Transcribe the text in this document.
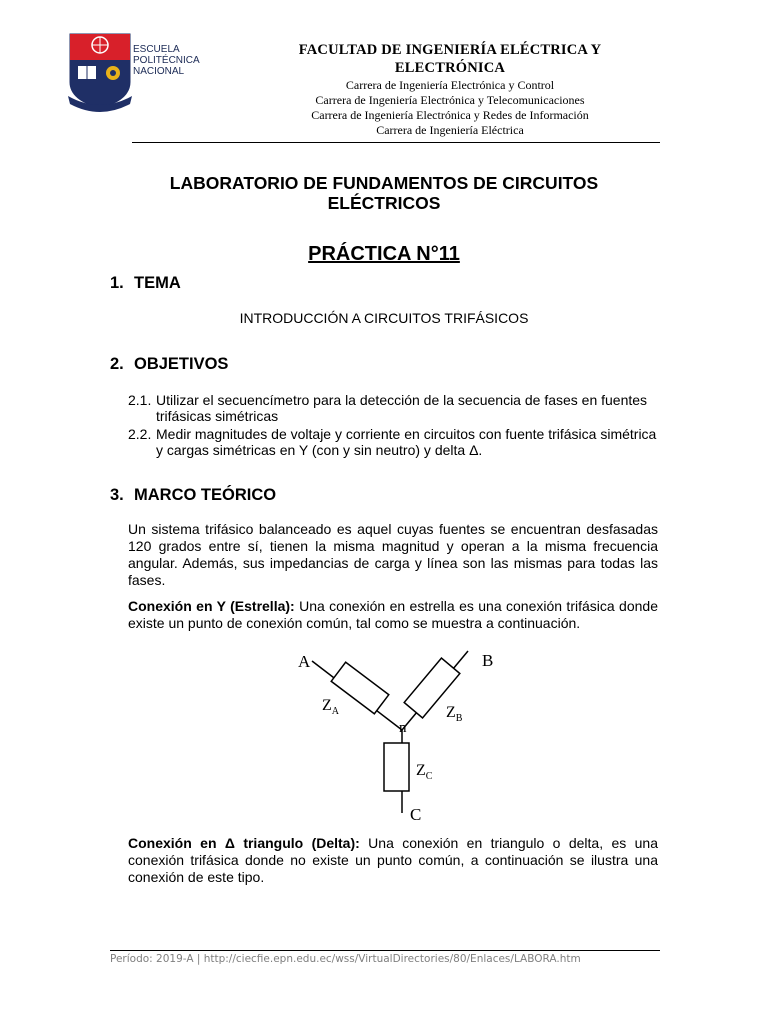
ESCUELA
POLITÉCNICA
NACIONAL
FACULTAD DE INGENIERÍA ELÉCTRICA Y
ELECTRÓNICA
Carrera de Ingeniería Electrónica y Control
Carrera de Ingeniería Electrónica y Telecomunicaciones
Carrera de Ingeniería Electrónica y Redes de Información
Carrera de Ingeniería Eléctrica
LABORATORIO DE FUNDAMENTOS DE CIRCUITOS
ELÉCTRICOS
PRÁCTICA N°11
1. TEMA
INTRODUCCIÓN A CIRCUITOS TRIFÁSICOS
2. OBJETIVOS
2.1. Utilizar el secuencímetro para la detección de la secuencia de fases en fuentes
trifásicas simétricas
2.2. Medir magnitudes de voltaje y corriente en circuitos con fuente trifásica simétrica
y cargas simétricas en Y (con y sin neutro) y delta Δ.
3. MARCO TEÓRICO
Un sistema trifásico balanceado es aquel cuyas fuentes se encuentran desfasadas 120 grados entre sí, tienen la misma magnitud y operan a la misma frecuencia angular. Además, sus impedancias de carga y línea son las mismas para todas las fases.
Conexión en Y (Estrella): Una conexión en estrella es una conexión trifásica donde existe un punto de conexión común, tal como se muestra a continuación.
A	B
C
n
$Z_A$	$Z_B$
$Z_C$
Conexión en Δ triangulo (Delta): Una conexión en triangulo o delta, es una conexión trifásica donde no existe un punto común, a continuación se ilustra una conexión de este tipo.
Período: 2019-A | http://ciecfie.epn.edu.ec/wss/VirtualDirectories/80/Enlaces/LABORA.htm
